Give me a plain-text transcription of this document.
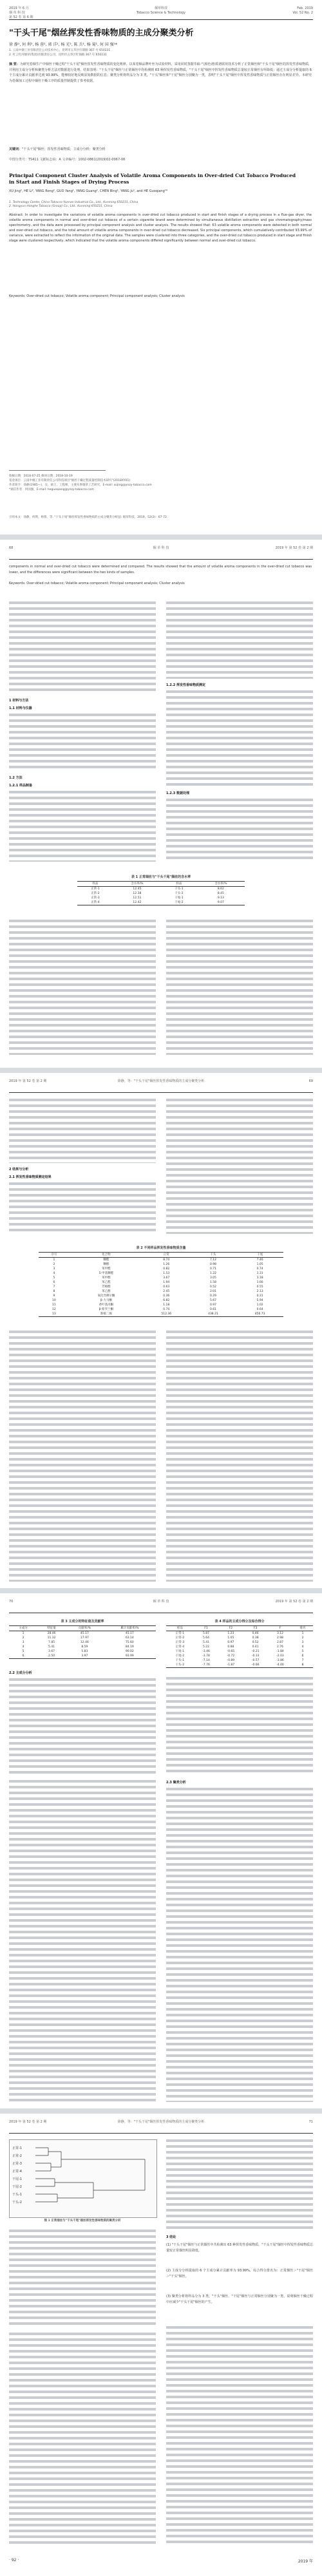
2019 年 6 月
烟 草 科 技
第 52 卷 第 6 期
烟草科技
Tobacco Science & Technology
Feb. 2019
Vol. 52 No. 2
"干头干尾"烟丝挥发性香味物质的主成分聚类分析
徐 静¹, 何 利², 杨 蓉², 郭 洋¹, 杨 光², 陈 兵¹, 杨 菊¹, 何 国 强¹*
1. 云南中烟工业有限责任公司技术中心，昆明市五华区红锦路 367 号 650231
2. 红云红河烟草(集团)有限责任公司，昆明市五华区红锦路 367 号 650231
摘 要：为研究卷烟生产中烟丝干燥过程"干头干尾"烟丝挥发性香味物质的变化规律，以某卷烟品牌叶丝为试验材料，采用同时蒸馏萃取-气相色谱/质谱联用技术分析了正常烟丝和"干头干尾"烟丝的挥发性香味物质，并利用主成分分析和聚类分析方法对数据进行处理。结果表明："干头干尾"烟丝与正常烟丝中均检测到 63 种挥发性香味物质，"干头干尾"烟丝中挥发性香味物质总量较正常烟丝有所降低；通过主成分分析提取的 6 个主成分累计贡献率达到 93.99%，能够较好地反映原始数据的信息；聚类分析将样品分为 3 类，"干头"烟丝和"干尾"烟丝分别聚为一类，表明"干头干尾"烟丝中挥发性香味物质与正常烟丝存在明显差异。本研究为卷烟加工过程中烟丝干燥工序的质量控制提供了参考依据。
关键词："干头干尾"烟丝；挥发性香味物质；主成分分析；聚类分析
中图分类号：TS411 文献标志码：A 文章编号：1002-0861(2019)02-0067-06
Principal Component Cluster Analysis of Volatile Aroma Components in Over-dried Cut Tobacco Produced in Start and Finish Stages of Drying Process
XU Jing¹, HE Li², YANG Rong², GUO Yang¹, YANG Guang², CHEN Bing¹, YANG Ju¹, and HE Guoqiang¹*
1. Technology Center, China Tobacco Yunnan Industrial Co., Ltd., Kunming 650231, China
2. Hongyun Honghe Tobacco (Group) Co., Ltd., Kunming 650231, China
Abstract: In order to investigate the variations of volatile aroma components in over-dried cut tobacco produced in start and finish stages of a drying process in a flue-gas dryer, the volatile aroma components in normal and over-dried cut tobacco of a certain cigarette brand were determined by simultaneous distillation extraction and gas chromatography/mass spectrometry, and the data were processed by principal component analysis and cluster analysis. The results showed that: 63 volatile aroma components were detected in both normal and over-dried cut tobacco, and the total amount of volatile aroma components in over-dried cut tobacco decreased. Six principal components, which cumulatively contributed 93.99% of variance, were extracted to reflect the information of the original data. The samples were clustered into three categories, and the over-dried cut tobacco produced in start stage and finish stage were clustered respectively, which indicated that the volatile aroma components differed significantly between normal and over-dried cut tobacco.
Keywords: Over-dried cut tobacco; Volatile aroma component; Principal component analysis; Cluster analysis
收稿日期：2018-07-25 修回日期：2018-10-19
基金项目：云南中烟工业有限责任公司科技项目"烟丝干燥过程质量控制技术研究"(2018XY01)
作者简介：徐静(1985—)，女，硕士，工程师，主要从事烟草工艺研究。E-mail: xujing@ynzy-tobacco.com
*通信作者：何国强，E-mail: heguoqiang@ynzy-tobacco.com
引用本文：徐静，何利，杨蓉，等. "干头干尾"烟丝挥发性香味物质的主成分聚类分析[J]. 烟草科技，2019，52(2)：67-72.
68	烟 草 科 技	2019 年 第 52 卷 第 2 期
components in normal and over-dried cut tobacco were determined and compared. The results showed that the amount of volatile aroma components in the over-dried cut tobacco was lower, and the differences were significant between the two kinds of samples.
Keywords: Over-dried cut tobacco; Volatile aroma component; Principal component analysis; Cluster analysis

1 材料与方法
1.1 材料与仪器

1.2 方法
1.2.1 样品制备

1.2.2 挥发性香味物质测定

1.2.3 数据处理

表 1 正常烟丝与"干头干尾"烟丝的含水率
样品	含水率/%	样品	含水率/%
正常-1	12.45	干头-1	8.62
正常-2	12.38	干头-2	8.45
正常-3	12.51	干尾-1	9.13
正常-4	12.42	干尾-2	9.07

2019 年 第 52 卷 第 2 期	徐静，等："干头干尾"烟丝挥发性香味物质的主成分聚类分析	69

2 结果与分析
2.1 挥发性香味物质测定结果

表 2 不同样品挥发性香味物质含量
序号	化合物	正常	干头	干尾
1	糠醛	8.74	7.12	7.46
2	糠醇	1.26	0.98	1.05
3	苯甲醛	0.82	0.71	0.74
4	5-甲基糠醛	1.53	1.22	1.31
5	苯甲醇	3.67	3.05	3.18
6	苯乙醛	1.94	1.58	1.66
7	芳樟醇	0.63	0.52	0.55
8	苯乙醇	2.45	2.01	2.13
9	氧化异佛尔酮	0.36	0.29	0.31
10	β-大马酮	6.82	5.67	5.94
11	香叶基丙酮	1.18	0.97	1.02
12	β-紫罗兰酮	0.74	0.61	0.64
13	新植二烯	512.36	438.21	456.73

70	烟 草 科 技	2019 年 第 52 卷 第 2 期
表 3 主成分的特征值及贡献率
主成分	特征值	贡献率/%	累计贡献率/%
1	28.46	45.17	45.17
2	11.32	17.97	63.14
3	7.85	12.46	75.60
4	5.41	8.59	84.19
5	3.67	5.83	90.02
6	2.50	3.97	93.99
2.2 主成分分析

表 4 样品的主成分得分及综合得分
样品	F1	F2	F3	F	排名
正常-1	5.87	1.23	0.46	3.12	1
正常-2	5.64	1.05	0.38	2.98	2
正常-3	5.41	0.97	0.52	2.87	3
正常-4	5.22	0.88	0.41	2.76	4
干尾-1	-3.46	-0.65	-0.21	-1.84	5
干尾-2	-3.78	-0.72	-0.33	-2.03	6
干头-1	-7.14	-0.89	-0.57	-3.86	7
干头-2	-7.76	-1.87	-0.66	-4.00	8

2.3 聚类分析

2019 年 第 52 卷 第 2 期	徐静，等："干头干尾"烟丝挥发性香味物质的主成分聚类分析	71
正常-1
正常-2
正常-3
正常-4
干尾-1
干尾-2
干头-1
干头-2
图 1 正常烟丝与"干头干尾"烟丝挥发性香味物质的聚类分析

3 结论
(1) "干头干尾"烟丝与正常烟丝中共检测出 63 种挥发性香味物质，"干头干尾"烟丝中挥发性香味物质总量较正常烟丝明显降低。
(2) 主成分分析提取的 6 个主成分累计贡献率为 93.99%，综合得分排名为：正常烟丝＞"干尾"烟丝＞"干头"烟丝。
(3) 聚类分析将样品分为 3 类，"干头"烟丝、"干尾"烟丝与正常烟丝分别聚为一类，说明烟丝干燥过程中应减少"干头干尾"烟丝的产生。

· 92 ·	2019 年
